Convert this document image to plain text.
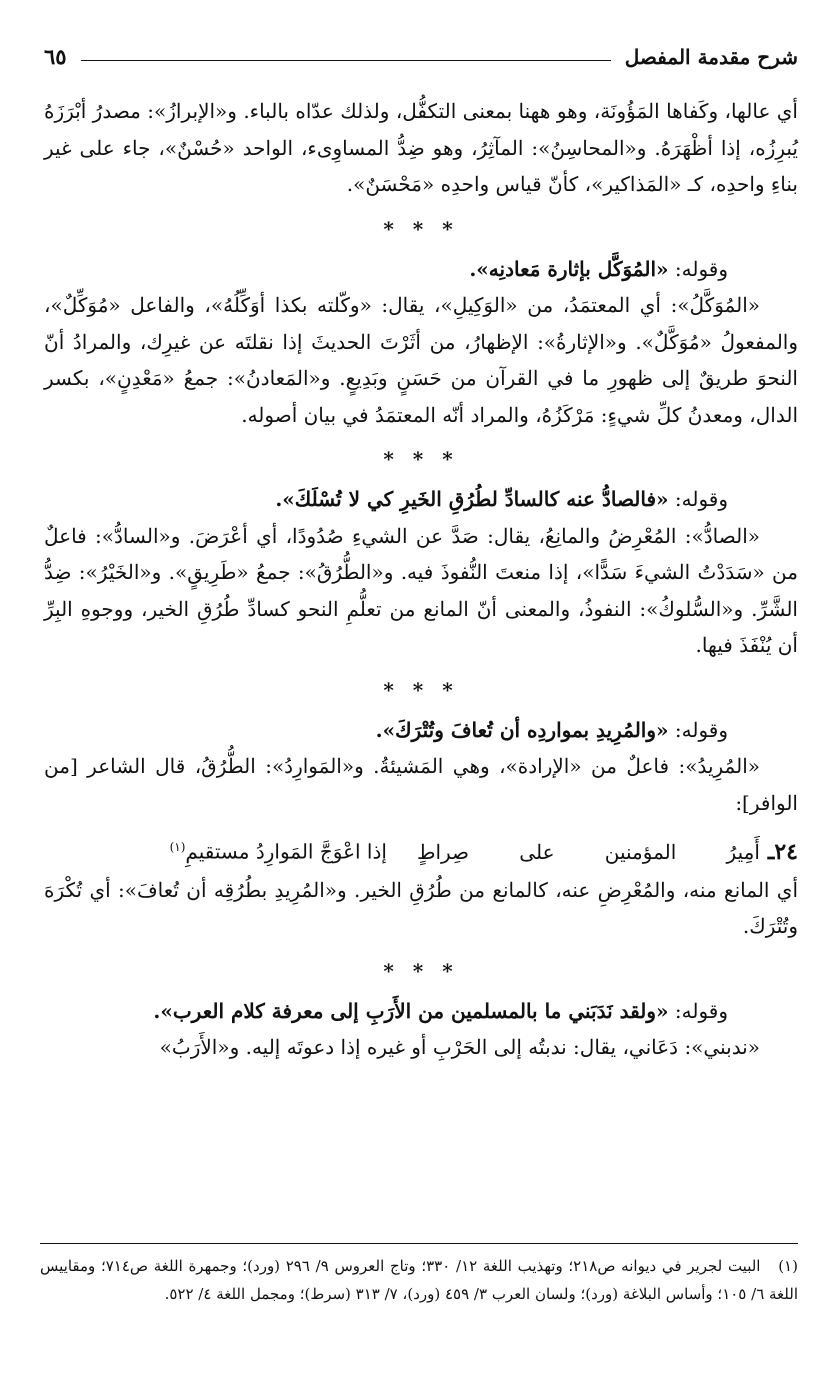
شرح مقدمة المفصل
٦٥

أي عالها، وكَفاها المَؤُونَة، وهو ههنا بمعنى التكفُّل، ولذلك عدّاه بالباء. و«الإبرازُ»: مصدرُ أبْرَزَهُ يُبرِزُه، إذا أظْهَرَهُ. و«المحاسِنُ»: المآثِرُ، وهو ضِدُّ المساوِىء، الواحد «حُسْنٌ»، جاء على غير بناءِ واحدِه، كـ «المَذاكير»، كأنّ قياس واحدِه «مَحْسَنٌ».

* * *

وقوله: «المُوَكَّل بإثارة مَعادنِه».

«المُوَكَّلُ»: أي المعتمَدُ، من «الوَكِيلِ»، يقال: «وكّلته بكذا أوَكِّلُهُ»، والفاعل «مُوَكِّلٌ»، والمفعولُ «مُوَكَّلٌ». و«الإثارةُ»: الإظهارُ، من أثَرْتَ الحديثَ إذا نقلتَه عن غيرِك، والمرادُ أنّ النحوَ طريقٌ إلى ظهورِ ما في القرآن من حَسَنٍ وبَدِيعٍ. و«المَعادنُ»: جمعُ «مَعْدِنٍ»، بكسر الدال، ومعدنُ كلِّ شيءٍ: مَرْكَزُهُ، والمراد أنّه المعتمَدُ في بيان أصوله.

* * *

وقوله: «فالصادُّ عنه كالسادِّ لطُرُقِ الخَيرِ كي لا تُسْلَكَ».

«الصادُّ»: المُعْرِضُ والمانِعُ، يقال: صَدَّ عن الشيءِ صُدُودًا، أي أعْرَضَ. و«السادُّ»: فاعلٌ من «سَدَدْتُ الشيءَ سَدًّا»، إذا منعتَ النُّفوذَ فيه. و«الطُّرُقُ»: جمعُ «طَرِيقٍ». و«الخَيْرُ»: ضِدُّ الشَّرِّ. و«السُّلوكُ»: النفوذُ، والمعنى أنّ المانع من تعلُّمِ النحو كسادِّ طُرُقِ الخير، ووجوهِ البِرِّ أن يُنْفَذَ فيها.

* * *

وقوله: «والمُرِيدِ بمواردِه أن تُعافَ وتُتْرَكَ».

«المُرِيدُ»: فاعلٌ من «الإرادة»، وهي المَشيئةُ. و«المَوارِدُ»: الطُّرُقُ، قال الشاعر [من الوافر]:

٢٤ـ
أَمِيرُ المؤمنين على صِراطٍ
إذا اعْوَجَّ المَوارِدُ مستقيمِ$^{(١)}$

أي المانع منه، والمُعْرِضِ عنه، كالمانع من طُرُقِ الخير. و«المُرِيدِ بطُرُقِه أن تُعافَ»: أي تُكْرَهَ وتُتْرَكَ.

* * *

وقوله: «ولقد نَدَبَني ما بالمسلمين من الأَرَبِ إلى معرفة كلام العرب».

«ندبني»: دَعَاني، يقال: ندبتُه إلى الحَرْبِ أو غيره إذا دعوتَه إليه. و«الأَرَبُ»

(١) البيت لجرير في ديوانه ص٢١٨؛ وتهذيب اللغة ١٢/ ٣٣٠؛ وتاج العروس ٩/ ٢٩٦ (ورد)؛ وجمهرة اللغة ص٧١٤؛ ومقاييس اللغة ٦/ ١٠٥؛ وأساس البلاغة (ورد)؛ ولسان العرب ٣/ ٤٥٩ (ورد)، ٧/ ٣١٣ (سرط)؛ ومجمل اللغة ٤/ ٥٢٢.
